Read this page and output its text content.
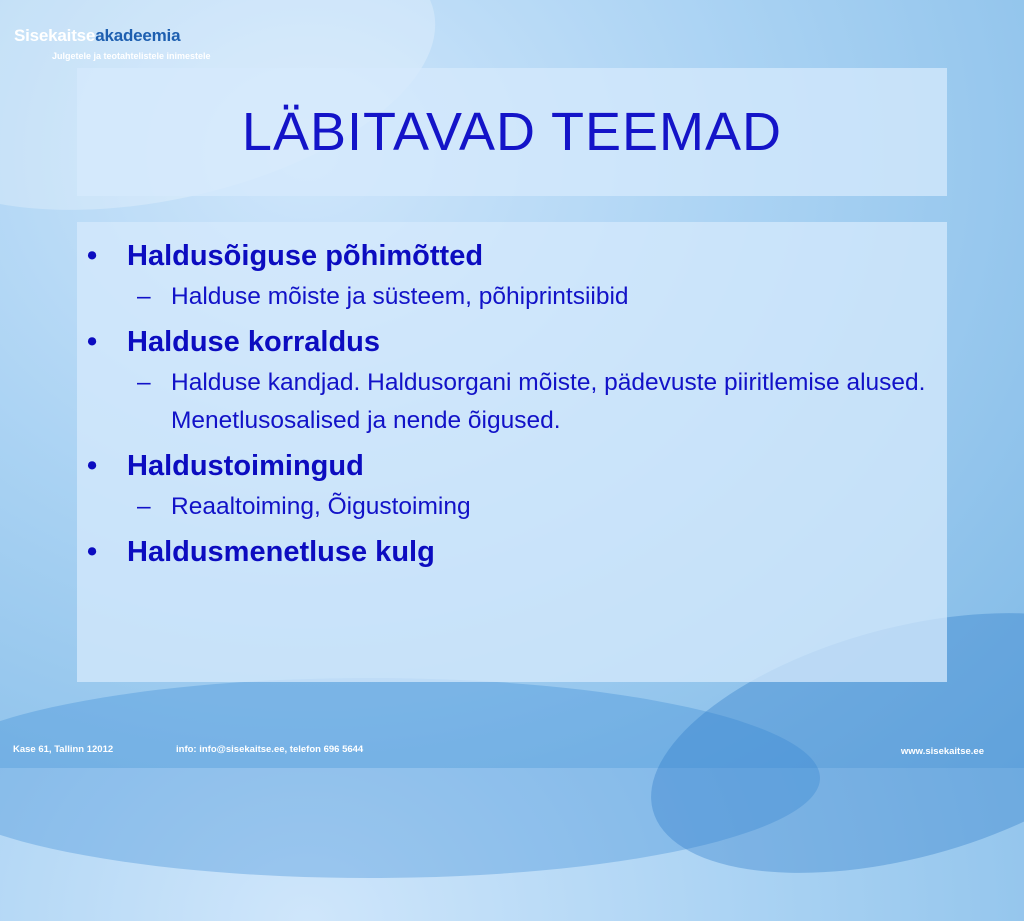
Sisekaitseakadeemia
Julgetele ja teotahtelistele inimestele
LÄBITAVAD TEEMAD
• Haldusõiguse põhimõtted
– Halduse mõiste ja süsteem, põhiprintsiibid
• Halduse korraldus
– Halduse kandjad. Haldusorgani mõiste, pädevuste piiritlemise alused. Menetlusosalised ja nende õigused.
• Haldustoimingud
– Reaaltoiming, Õigustoiming
• Haldusmenetluse kulg
Kase 61, Tallinn 12012	info: info@sisekaitse.ee, telefon 696 5644	www.sisekaitse.ee
